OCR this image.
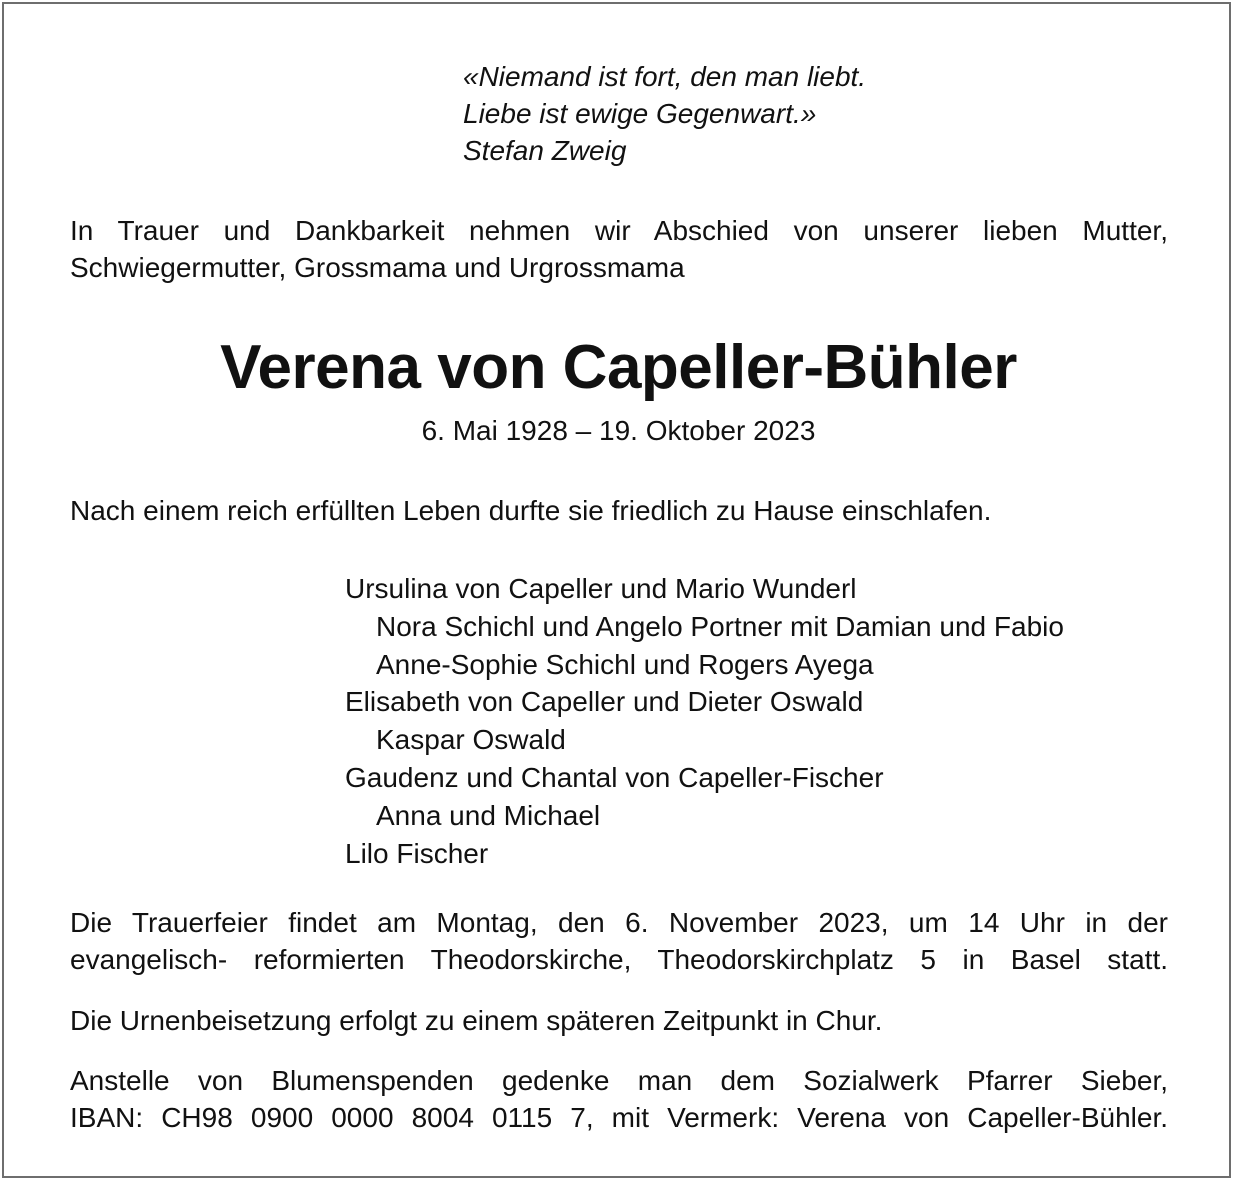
«Niemand ist fort, den man liebt.
Liebe ist ewige Gegenwart.»
Stefan Zweig
In Trauer und Dankbarkeit nehmen wir Abschied von unserer lieben Mutter,
Schwiegermutter, Grossmama und Urgrossmama
Verena von Capeller-Bühler
6. Mai 1928 – 19. Oktober 2023
Nach einem reich erfüllten Leben durfte sie friedlich zu Hause einschlafen.
Ursulina von Capeller und Mario Wunderl
Nora Schichl und Angelo Portner mit Damian und Fabio
Anne-Sophie Schichl und Rogers Ayega
Elisabeth von Capeller und Dieter Oswald
Kaspar Oswald
Gaudenz und Chantal von Capeller-Fischer
Anna und Michael
Lilo Fischer
Die Trauerfeier findet am Montag, den 6. November 2023, um 14 Uhr in der
evangelisch- reformierten Theodorskirche, Theodorskirchplatz 5 in Basel statt.
Die Urnenbeisetzung erfolgt zu einem späteren Zeitpunkt in Chur.
Anstelle von Blumenspenden gedenke man dem Sozialwerk Pfarrer Sieber,
IBAN: CH98 0900 0000 8004 0115 7, mit Vermerk: Verena von Capeller-Bühler.
